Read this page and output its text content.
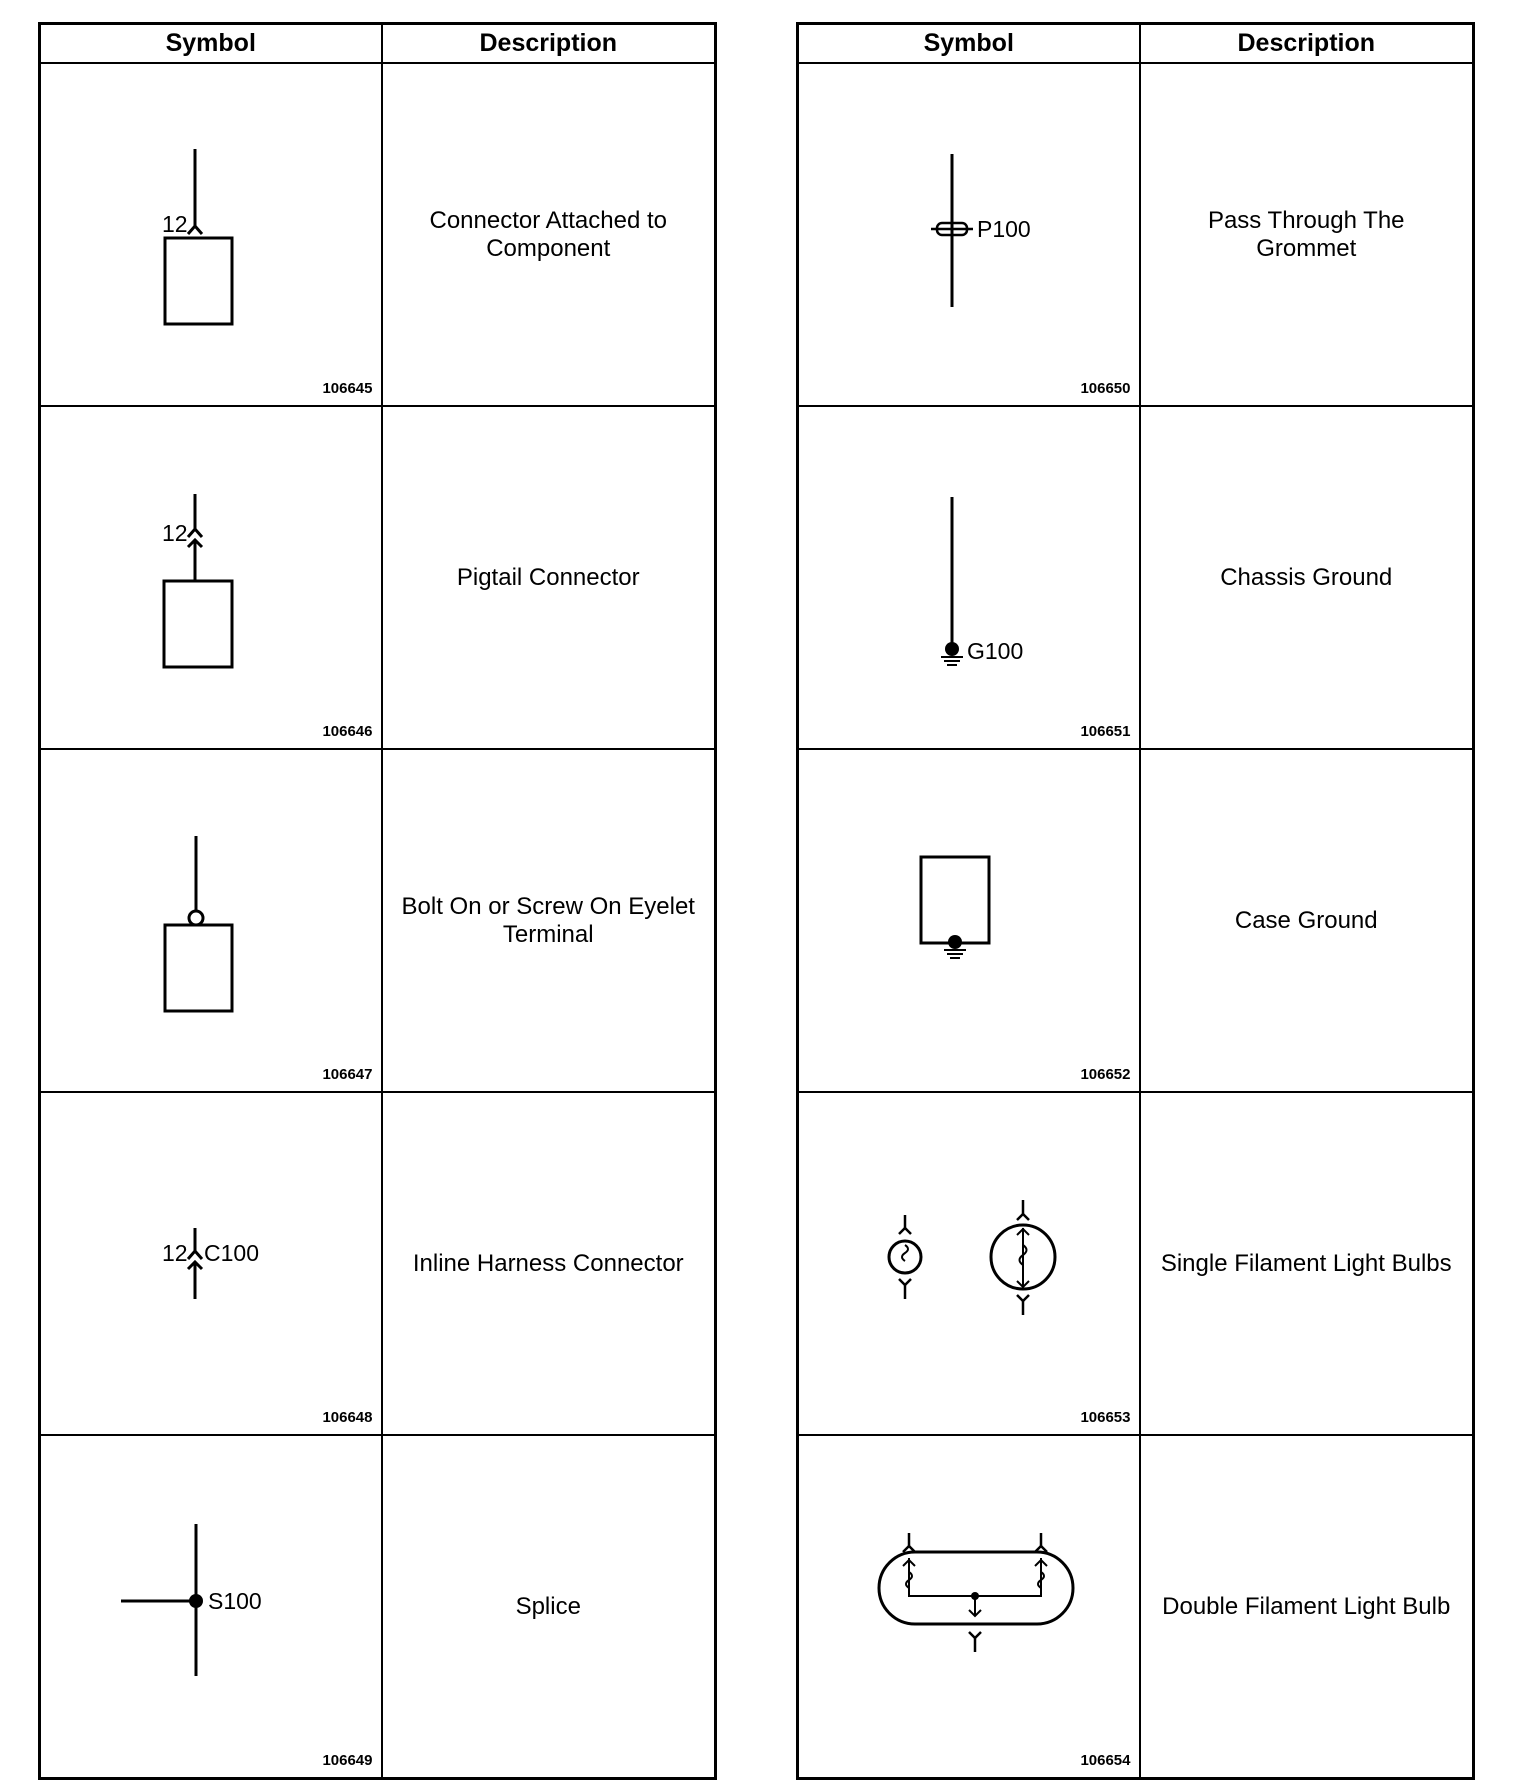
Symbol	Description

12
106645	Connector Attached to Component

12
106646	Pigtail Connector

106647	Bolt On or Screw On Eyelet Terminal

12 C100
106648	Inline Harness Connector

S100
106649	Splice
Symbol	Description

P100
106650	Pass Through The Grommet

G100
106651	Chassis Ground

106652	Case Ground

106653	Single Filament Light Bulbs

106654	Double Filament Light Bulb
